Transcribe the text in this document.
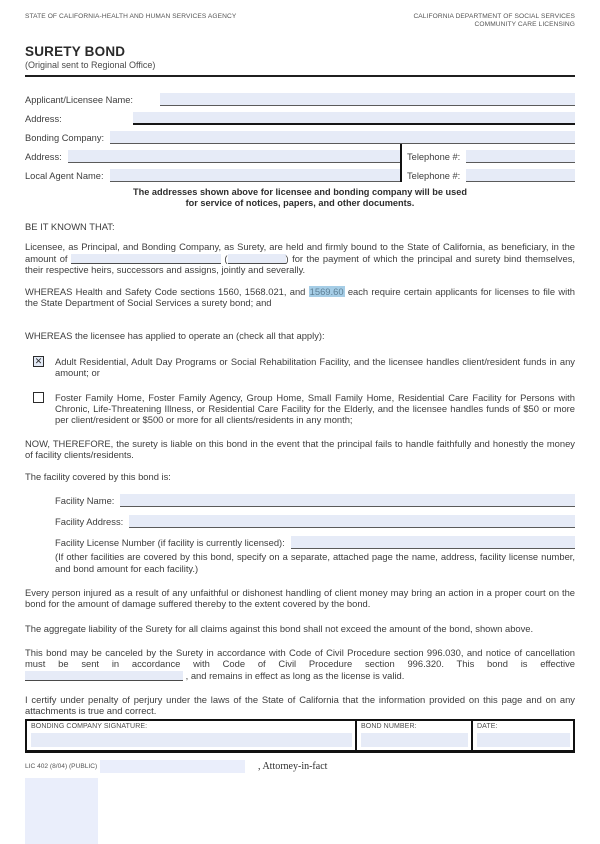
STATE OF CALIFORNIA-HEALTH AND HUMAN SERVICES AGENCY	CALIFORNIA DEPARTMENT OF SOCIAL SERVICES
COMMUNITY CARE LICENSING
SURETY BOND
(Original sent to Regional Office)
Applicant/Licensee Name:
Address:
Bonding Company:
Address:	Telephone #:
Local Agent Name:	Telephone #:
The addresses shown above for licensee and bonding company will be used
for service of notices, papers, and other documents.
BE IT KNOWN THAT:
Licensee, as Principal, and Bonding Company, as Surety, are held and firmly bound to the State of California, as beneficiary, in the amount of	(	) for the payment of which the principal and surety bind themselves, their respective heirs, successors and assigns, jointly and severally.
WHEREAS Health and Safety Code sections 1560, 1568.021, and 1569.60 each require certain applicants for licenses to file with the State Department of Social Services a surety bond; and
WHEREAS the licensee has applied to operate an (check all that apply):
✕ Adult Residential, Adult Day Programs or Social Rehabilitation Facility, and the licensee handles client/resident funds in any amount; or
Foster Family Home, Foster Family Agency, Group Home, Small Family Home, Residential Care Facility for Persons with Chronic, Life-Threatening Illness, or Residential Care Facility for the Elderly, and the licensee handles funds of $50 or more per client/resident or $500 or more for all clients/residents in any month;
NOW, THEREFORE, the surety is liable on this bond in the event that the principal fails to handle faithfully and honestly the money of facility clients/residents.
The facility covered by this bond is:
Facility Name:
Facility Address:
Facility License Number (if facility is currently licensed):
(If other facilities are covered by this bond, specify on a separate, attached page the name, address, facility license number, and bond amount for each facility.)
Every person injured as a result of any unfaithful or dishonest handling of client money may bring an action in a proper court on the bond for the amount of damage suffered thereby to the extent covered by the bond.
The aggregate liability of the Surety for all claims against this bond shall not exceed the amount of the bond, shown above.
This bond may be canceled by the Surety in accordance with Code of Civil Procedure section 996.030, and notice of cancellation must be sent in accordance with Code of Civil Procedure section 996.320. This bond is effective  , and remains in effect as long as the license is valid.
I certify under penalty of perjury under the laws of the State of California that the information provided on this page and on any attachments is true and correct.
BONDING COMPANY SIGNATURE:	BOND NUMBER:	DATE:
LIC 402 (8/04) (PUBLIC)	, Attorney-in-fact
